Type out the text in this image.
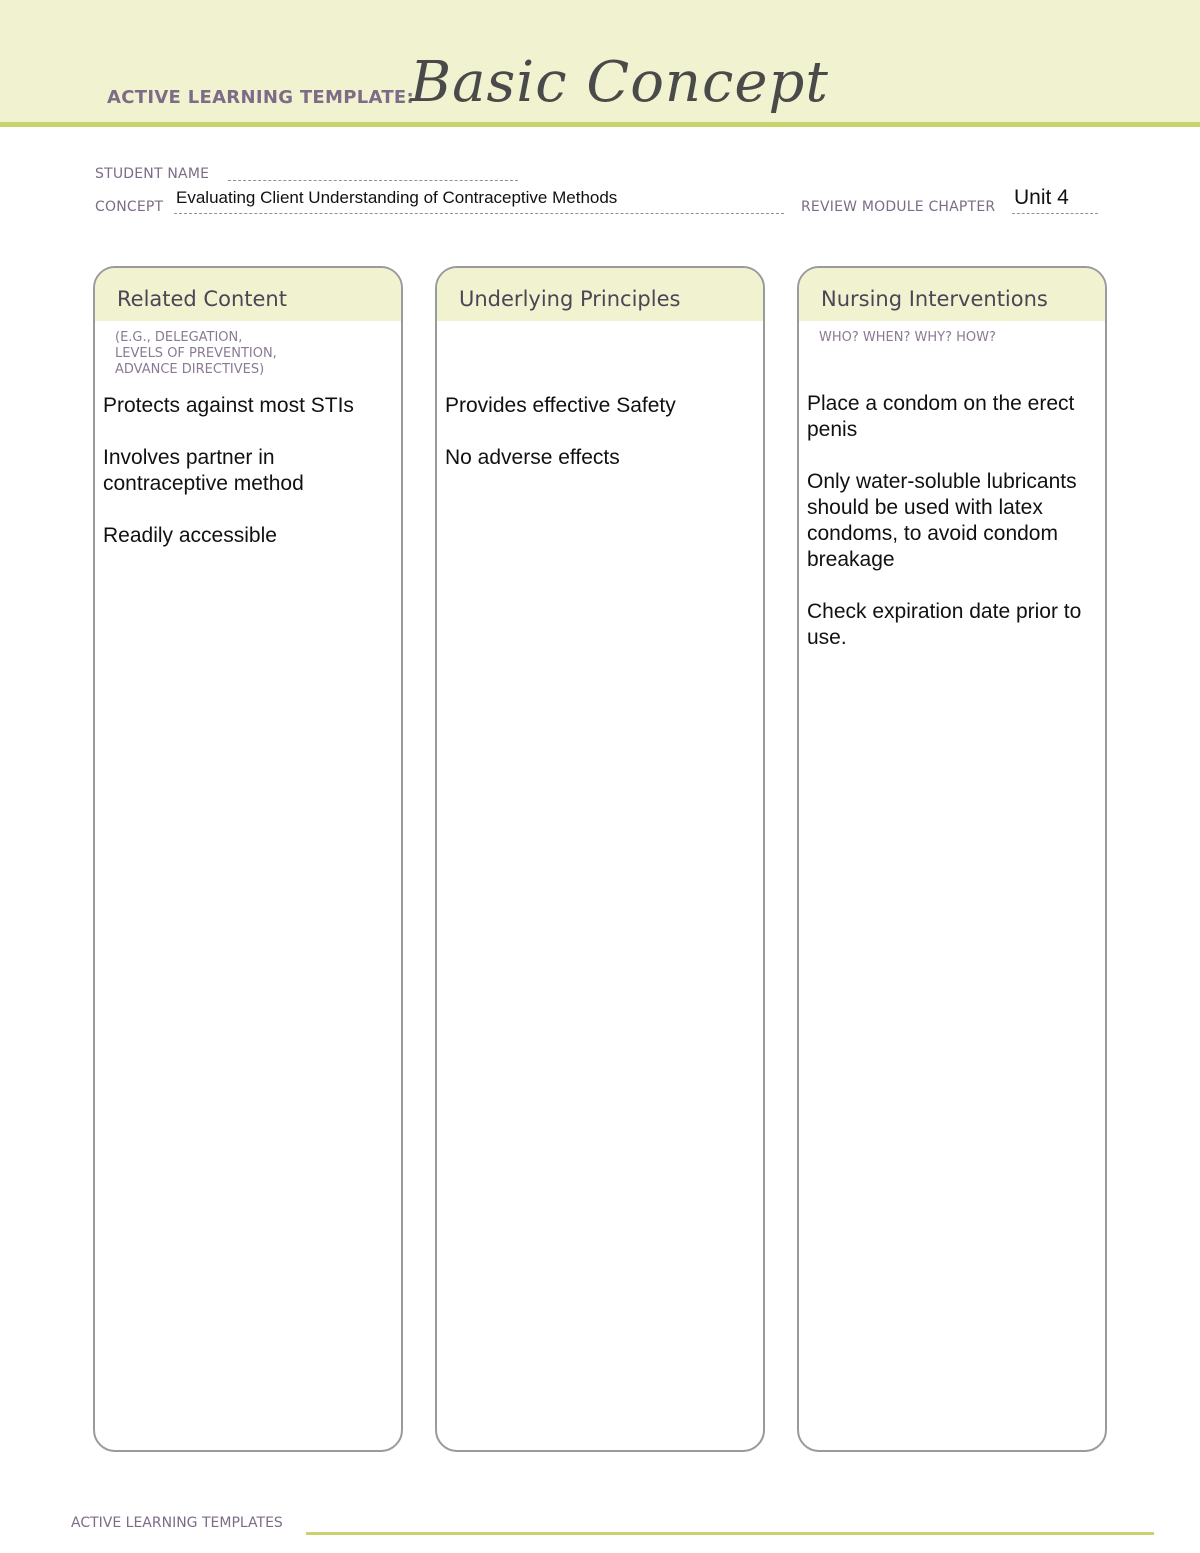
ACTIVE LEARNING TEMPLATE:
Basic Concept
STUDENT NAME
CONCEPT Evaluating Client Understanding of Contraceptive Methods	REVIEW MODULE CHAPTER Unit 4
Related Content
(E.G., DELEGATION,
LEVELS OF PREVENTION,
ADVANCE DIRECTIVES)

Protects against most STIs

Involves partner in contraceptive method

Readily accessible

Underlying Principles

Provides effective Safety

No adverse effects

Nursing Interventions
WHO? WHEN? WHY? HOW?

Place a condom on the erect penis

Only water-soluble lubricants should be used with latex condoms, to avoid condom breakage

Check expiration date prior to use.

ACTIVE LEARNING TEMPLATES
